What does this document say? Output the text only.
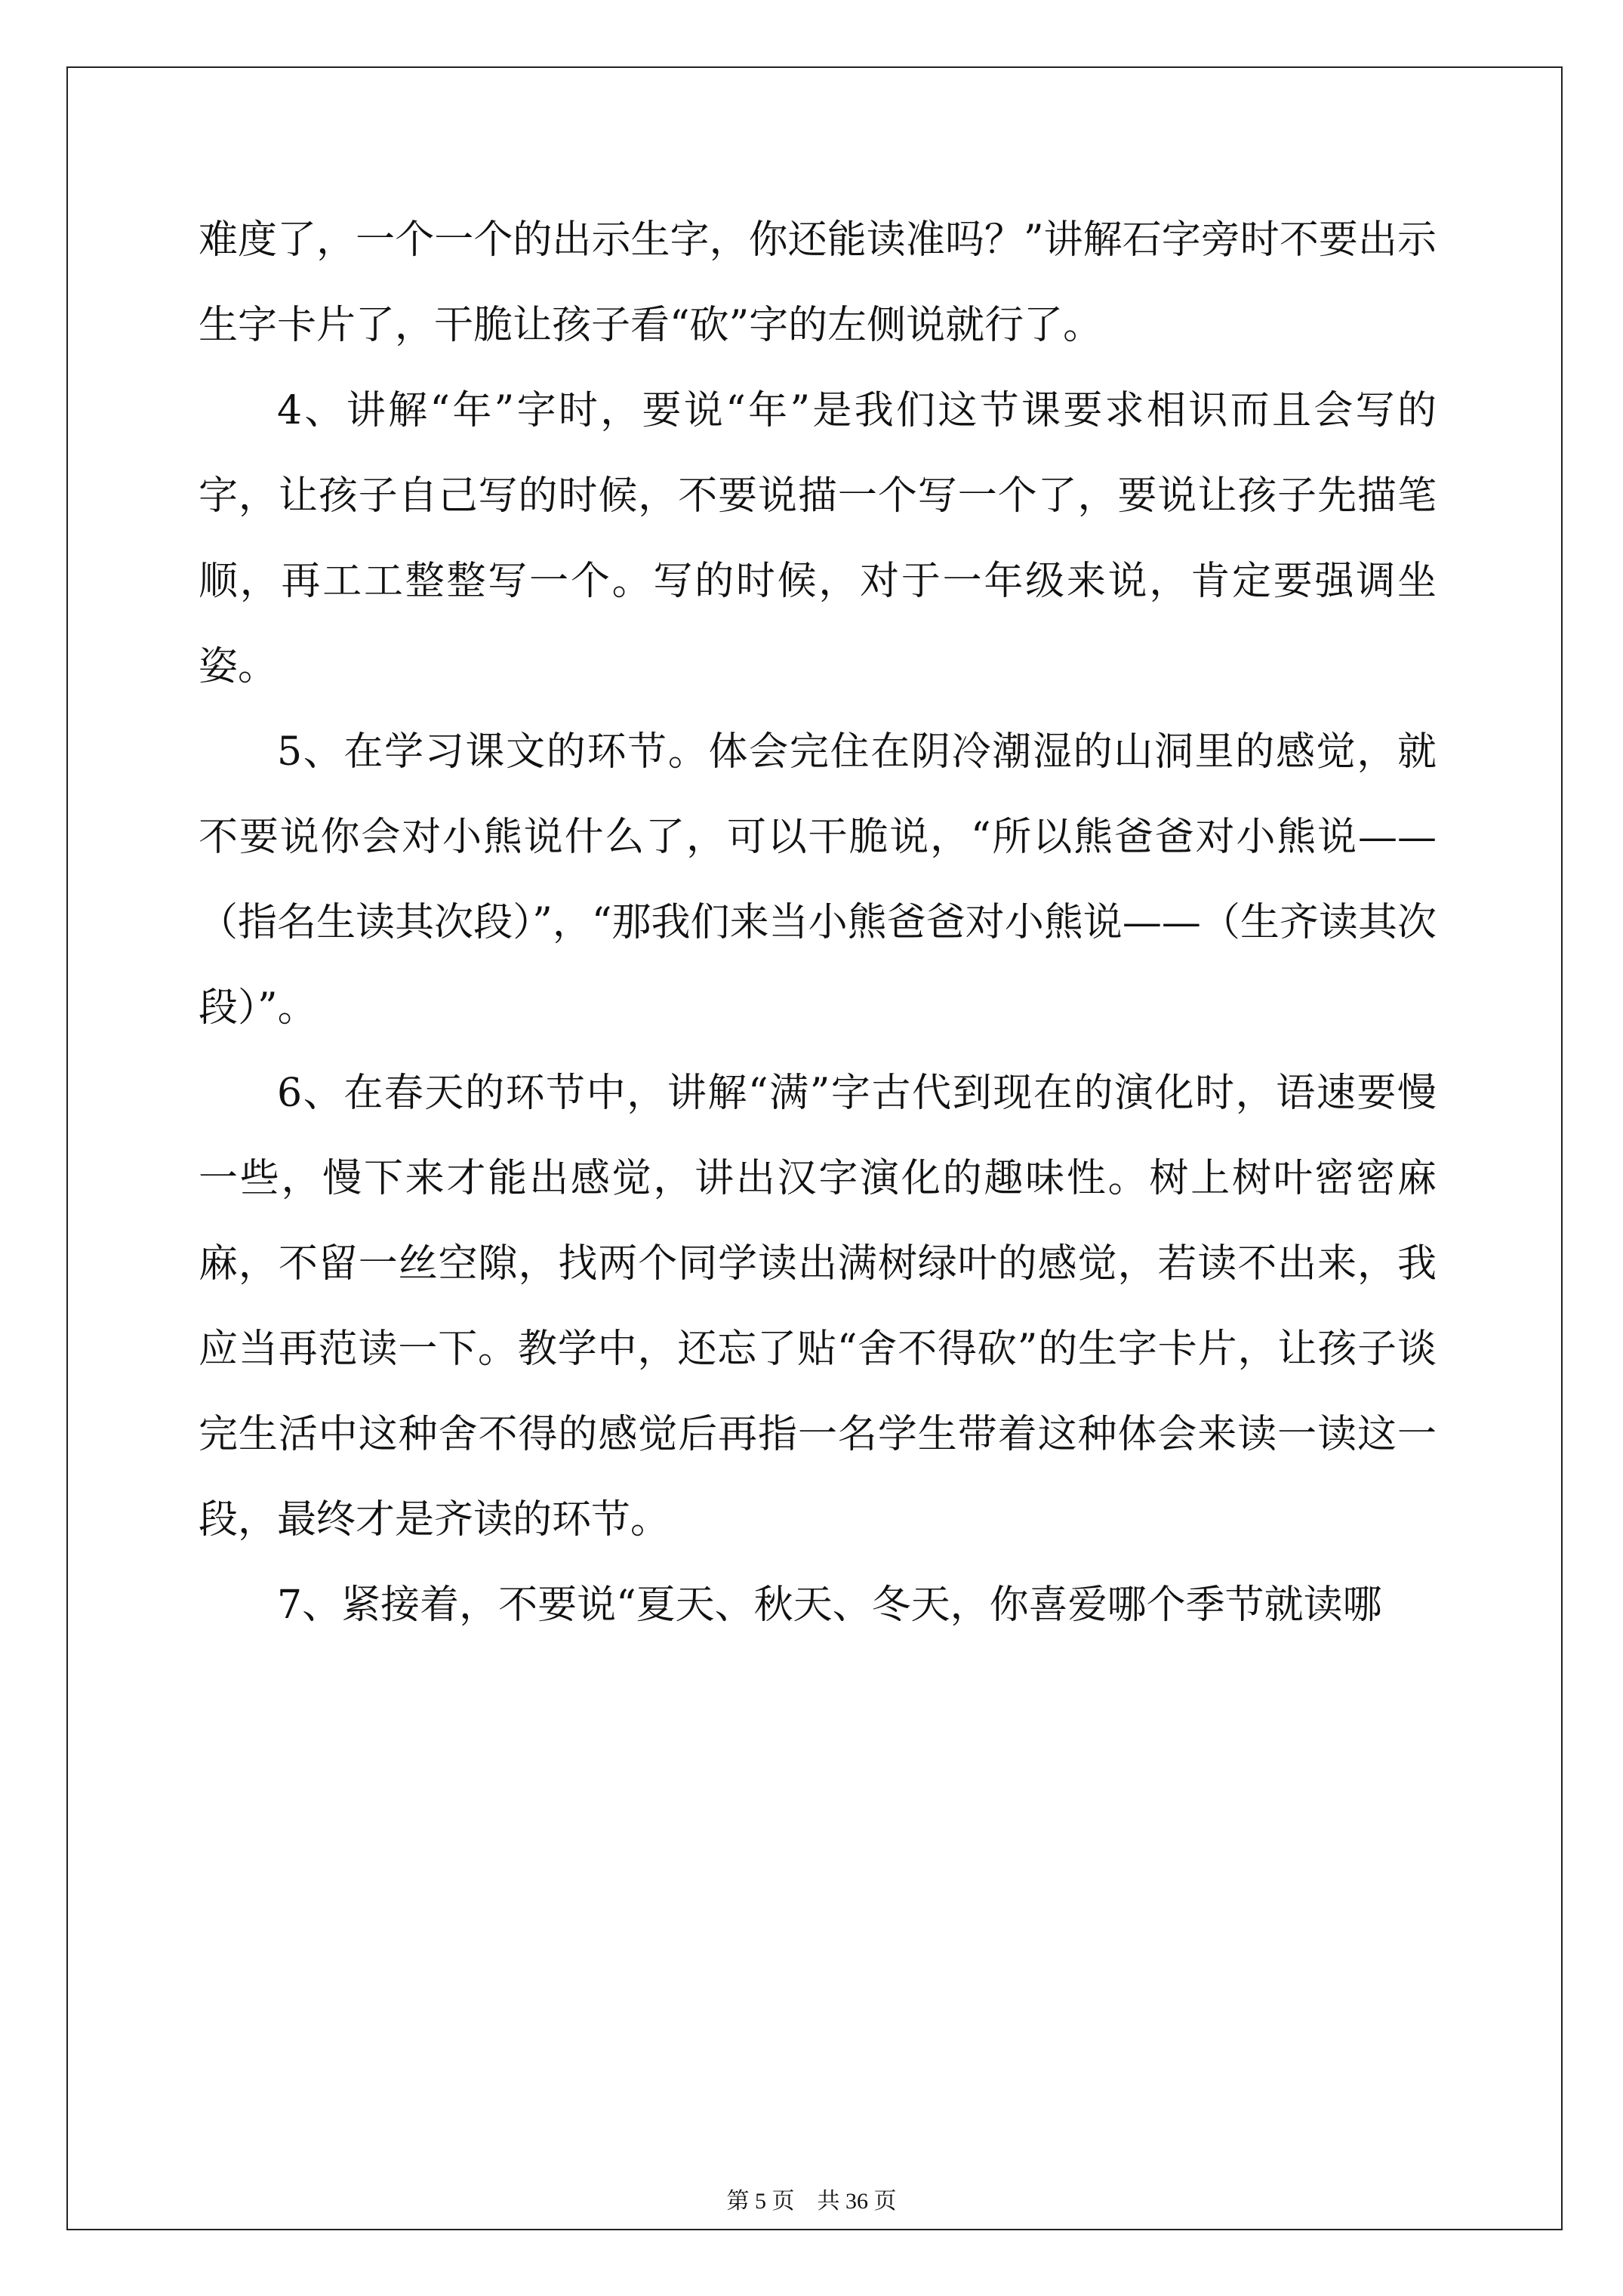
难度了，一个一个的出示生字，你还能读准吗？”讲解石字旁时不要出示生字卡片了，干脆让孩子看“砍”字的左侧说就行了。

4、讲解“年”字时，要说“年”是我们这节课要求相识而且会写的字，让孩子自己写的时候，不要说描一个写一个了，要说让孩子先描笔顺，再工工整整写一个。写的时候，对于一年级来说，肯定要强调坐姿。

5、在学习课文的环节。体会完住在阴冷潮湿的山洞里的感觉，就不要说你会对小熊说什么了，可以干脆说，“所以熊爸爸对小熊说——（指名生读其次段）”，“那我们来当小熊爸爸对小熊说——（生齐读其次段）”。

6、在春天的环节中，讲解“满”字古代到现在的演化时，语速要慢一些，慢下来才能出感觉，讲出汉字演化的趣味性。树上树叶密密麻麻，不留一丝空隙，找两个同学读出满树绿叶的感觉，若读不出来，我应当再范读一下。教学中，还忘了贴“舍不得砍”的生字卡片，让孩子谈完生活中这种舍不得的感觉后再指一名学生带着这种体会来读一读这一段，最终才是齐读的环节。

7、紧接着，不要说“夏天、秋天、冬天，你喜爱哪个季节就读哪

第 5 页　共 36 页
